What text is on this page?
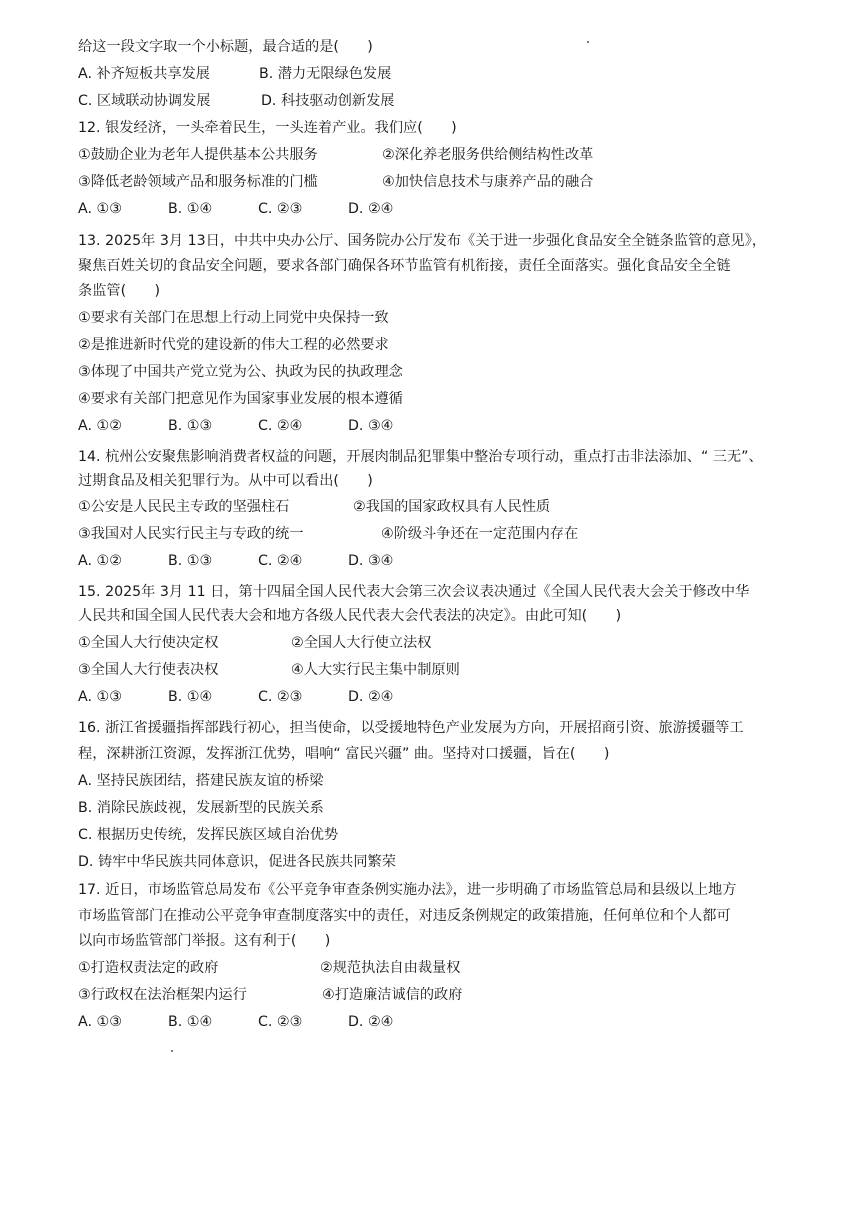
给这一段文字取一个小标题，最合适的是(　　)
A. 补齐短板共享发展	B. 潜力无限绿色发展
C. 区域联动协调发展	D. 科技驱动创新发展
12. 银发经济，一头牵着民生，一头连着产业。我们应(　　)
①鼓励企业为老年人提供基本公共服务	②深化养老服务供给侧结构性改革
③降低老龄领域产品和服务标准的门槛	④加快信息技术与康养产品的融合
A. ①③	B. ①④	C. ②③	D. ②④
13. 2025年 3月 13日，中共中央办公厅、国务院办公厅发布《关于进一步强化食品安全全链条监管的意见》，
聚焦百姓关切的食品安全问题，要求各部门确保各环节监管有机衔接，责任全面落实。强化食品安全全链
条监管(　　)
①要求有关部门在思想上行动上同党中央保持一致
②是推进新时代党的建设新的伟大工程的必然要求
③体现了中国共产党立党为公、执政为民的执政理念
④要求有关部门把意见作为国家事业发展的根本遵循
A. ①②	B. ①③	C. ②④	D. ③④
14. 杭州公安聚焦影响消费者权益的问题，开展肉制品犯罪集中整治专项行动，重点打击非法添加、“ 三无”、
过期食品及相关犯罪行为。从中可以看出(　　)
①公安是人民民主专政的坚强柱石	②我国的国家政权具有人民性质
③我国对人民实行民主与专政的统一	④阶级斗争还在一定范围内存在
A. ①②	B. ①③	C. ②④	D. ③④
15. 2025年 3月 11 日，第十四届全国人民代表大会第三次会议表决通过《全国人民代表大会关于修改中华
人民共和国全国人民代表大会和地方各级人民代表大会代表法的决定》。由此可知(　　)
①全国人大行使决定权	②全国人大行使立法权
③全国人大行使表决权	④人大实行民主集中制原则
A. ①③	B. ①④	C. ②③	D. ②④
16. 浙江省援疆指挥部践行初心，担当使命，以受援地特色产业发展为方向，开展招商引资、旅游援疆等工
程，深耕浙江资源，发挥浙江优势，唱响“ 富民兴疆” 曲。坚持对口援疆，旨在(　　)
A. 坚持民族团结，搭建民族友谊的桥梁
B. 消除民族歧视，发展新型的民族关系
C. 根据历史传统，发挥民族区域自治优势
D. 铸牢中华民族共同体意识，促进各民族共同繁荣
17. 近日，市场监管总局发布《公平竞争审查条例实施办法》，进一步明确了市场监管总局和县级以上地方
市场监管部门在推动公平竞争审查制度落实中的责任，对违反条例规定的政策措施，任何单位和个人都可
以向市场监管部门举报。这有利于(　　)
①打造权责法定的政府	②规范执法自由裁量权
③行政权在法治框架内运行	④打造廉洁诚信的政府
A. ①③	B. ①④	C. ②③	D. ②④
